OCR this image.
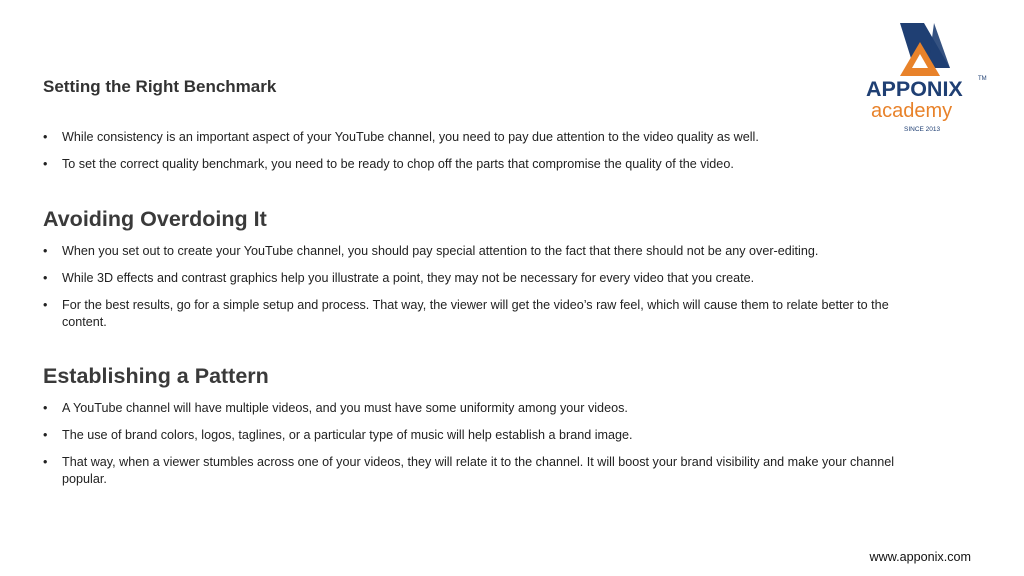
APPONIX	TM
academy
SINCE 2013
Setting the Right Benchmark
•	While consistency is an important aspect of your YouTube channel, you need to pay due attention to the video quality as well.
•	To set the correct quality benchmark, you need to be ready to chop off the parts that compromise the quality of the video.
Avoiding Overdoing It
•	When you set out to create your YouTube channel, you should pay special attention to the fact that there should not be any over-editing.
•	While 3D effects and contrast graphics help you illustrate a point, they may not be necessary for every video that you create.
•	For the best results, go for a simple setup and process. That way, the viewer will get the video’s raw feel, which will cause them to relate better to the content.
Establishing a Pattern
•	A YouTube channel will have multiple videos, and you must have some uniformity among your videos.
•	The use of brand colors, logos, taglines, or a particular type of music will help establish a brand image.
•	That way, when a viewer stumbles across one of your videos, they will relate it to the channel. It will boost your brand visibility and make your channel popular.
www.apponix.com
